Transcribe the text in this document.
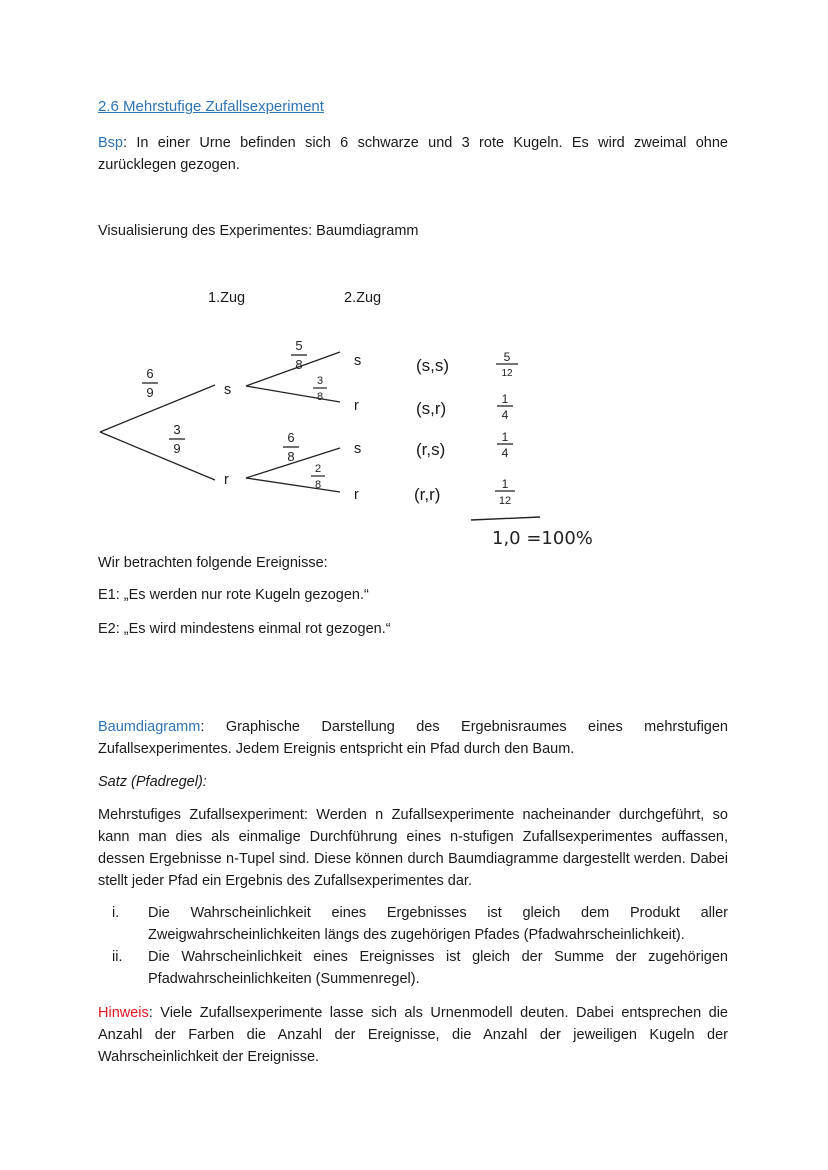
2.6 Mehrstufige Zufallsexperiment
Bsp: In einer Urne befinden sich 6 schwarze und 3 rote Kugeln. Es wird zweimal ohne zurücklegen gezogen.
Visualisierung des Experimentes: Baumdiagramm
1.Zug	2.Zug
6
9
3
9
5
8
3
8
6
8
2
8
s
r
s
r
s
r
(s,s)
(s,r)
(r,s)
(r,r)
5
12
1
4
1
4
1
12
1,0 =100%
Wir betrachten folgende Ereignisse:
E1: „Es werden nur rote Kugeln gezogen.“
E2: „Es wird mindestens einmal rot gezogen.“
Baumdiagramm: Graphische Darstellung des Ergebnisraumes eines mehrstufigen Zufallsexperimentes. Jedem Ereignis entspricht ein Pfad durch den Baum.
Satz (Pfadregel):
Mehrstufiges Zufallsexperiment: Werden n Zufallsexperimente nacheinander durchgeführt, so kann man dies als einmalige Durchführung eines n-stufigen Zufallsexperimentes auffassen, dessen Ergebnisse n-Tupel sind. Diese können durch Baumdiagramme dargestellt werden. Dabei stellt jeder Pfad ein Ergebnis des Zufallsexperimentes dar.
i. Die Wahrscheinlichkeit eines Ergebnisses ist gleich dem Produkt aller Zweigwahrscheinlichkeiten längs des zugehörigen Pfades (Pfadwahrscheinlichkeit).
ii. Die Wahrscheinlichkeit eines Ereignisses ist gleich der Summe der zugehörigen Pfadwahrscheinlichkeiten (Summenregel).
Hinweis: Viele Zufallsexperimente lasse sich als Urnenmodell deuten. Dabei entsprechen die Anzahl der Farben die Anzahl der Ereignisse, die Anzahl der jeweiligen Kugeln der Wahrscheinlichkeit der Ereignisse.
